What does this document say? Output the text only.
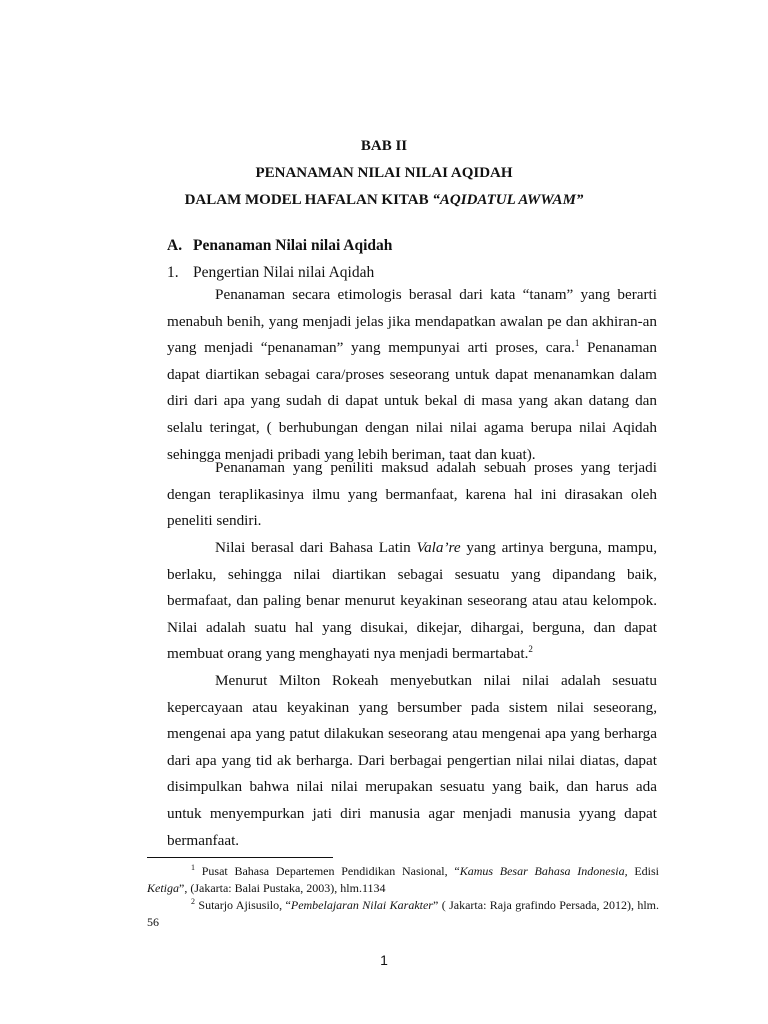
BAB II
PENANAMAN NILAI NILAI AQIDAH
DALAM MODEL HAFALAN KITAB “AQIDATUL AWWAM”
A. Penanaman Nilai nilai Aqidah
1. Pengertian Nilai nilai Aqidah

Penanaman secara etimologis berasal dari kata “tanam” yang berarti menabuh benih, yang menjadi jelas jika mendapatkan awalan pe dan akhiran-an yang menjadi “penanaman” yang mempunyai arti proses, cara.$^1$ Penanaman dapat diartikan sebagai cara/proses seseorang untuk dapat menanamkan dalam diri dari apa yang sudah di dapat untuk bekal di masa yang akan datang dan selalu teringat, ( berhubungan dengan nilai nilai agama berupa nilai Aqidah sehingga menjadi pribadi yang lebih beriman, taat dan kuat).

Penanaman yang peniliti maksud adalah sebuah proses yang terjadi dengan teraplikasinya ilmu yang bermanfaat, karena hal ini dirasakan oleh peneliti sendiri.

Nilai berasal dari Bahasa Latin Vala’re yang artinya berguna, mampu, berlaku, sehingga nilai diartikan sebagai sesuatu yang dipandang baik, bermafaat, dan paling benar menurut keyakinan seseorang atau atau kelompok. Nilai adalah suatu hal yang disukai, dikejar, dihargai, berguna, dan dapat membuat orang yang menghayati nya menjadi bermartabat.$^2$

Menurut Milton Rokeah menyebutkan nilai nilai adalah sesuatu kepercayaan atau keyakinan yang bersumber pada sistem nilai seseorang, mengenai apa yang patut dilakukan seseorang atau mengenai apa yang berharga dari apa yang tid ak berharga. Dari berbagai pengertian nilai nilai diatas, dapat disimpulkan bahwa nilai nilai merupakan sesuatu yang baik, dan harus ada untuk menyempurkan jati diri manusia agar menjadi manusia yyang dapat bermanfaat.

$^1$ Pusat Bahasa Departemen Pendidikan Nasional, “Kamus Besar Bahasa Indonesia, Edisi Ketiga”, (Jakarta: Balai Pustaka, 2003), hlm.1134

$^2$ Sutarjo Ajisusilo, “Pembelajaran Nilai Karakter” ( Jakarta: Raja grafindo Persada, 2012), hlm. 56

1
